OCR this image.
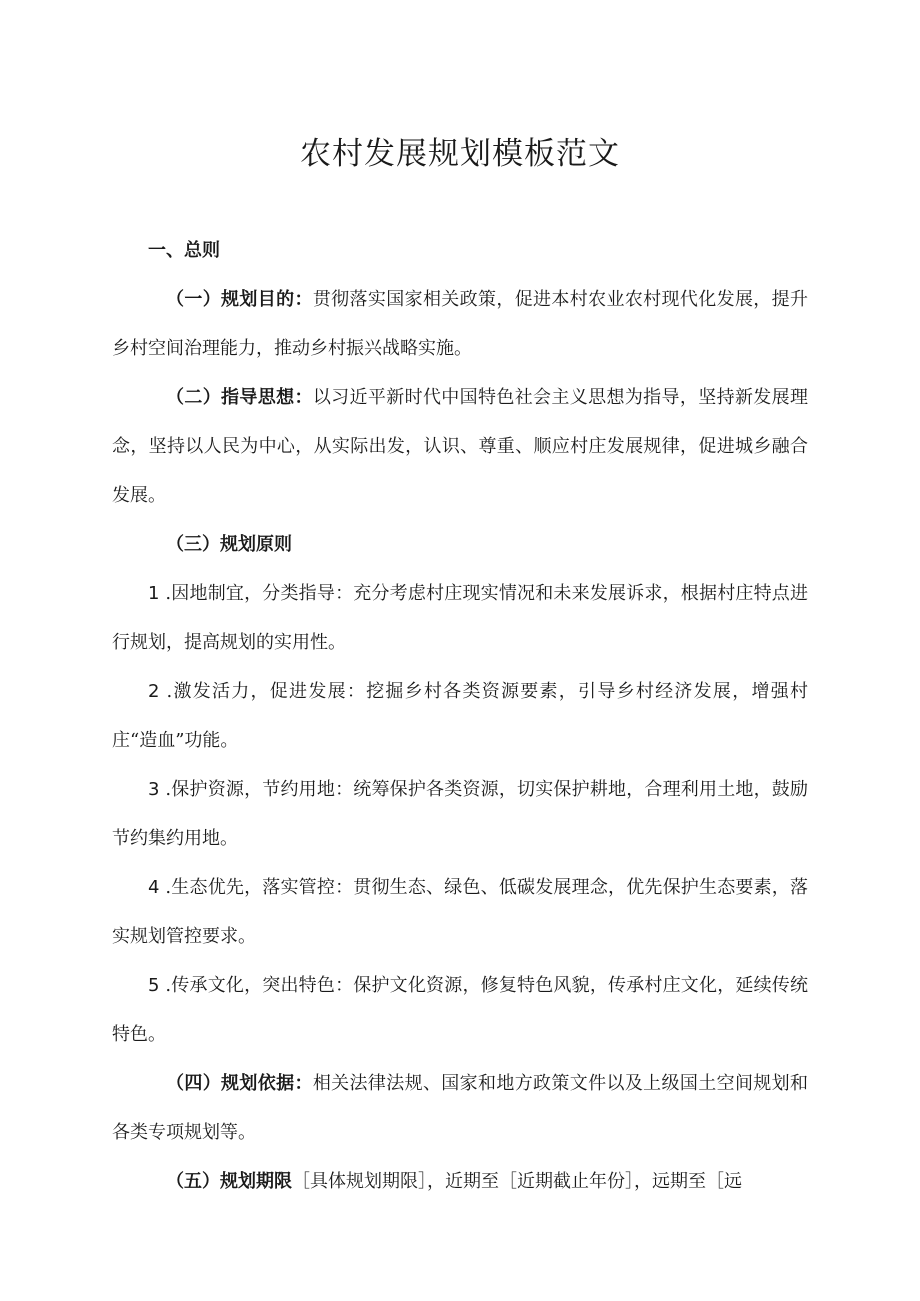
农村发展规划模板范文

一、总则

（一）规划目的：贯彻落实国家相关政策，促进本村农业农村现代化发展，提升乡村空间治理能力，推动乡村振兴战略实施。

（二）指导思想：以习近平新时代中国特色社会主义思想为指导，坚持新发展理念，坚持以人民为中心，从实际出发，认识、尊重、顺应村庄发展规律，促进城乡融合发展。

（三）规划原则

1 .因地制宜，分类指导：充分考虑村庄现实情况和未来发展诉求，根据村庄特点进行规划，提高规划的实用性。

2 .激发活力，促进发展：挖掘乡村各类资源要素，引导乡村经济发展，增强村庄“造血”功能。

3 .保护资源，节约用地：统筹保护各类资源，切实保护耕地，合理利用土地，鼓励节约集约用地。

4 .生态优先，落实管控：贯彻生态、绿色、低碳发展理念，优先保护生态要素，落实规划管控要求。

5 .传承文化，突出特色：保护文化资源，修复特色风貌，传承村庄文化，延续传统特色。

（四）规划依据：相关法律法规、国家和地方政策文件以及上级国土空间规划和各类专项规划等。

（五）规划期限［具体规划期限］，近期至［近期截止年份］，远期至［远
